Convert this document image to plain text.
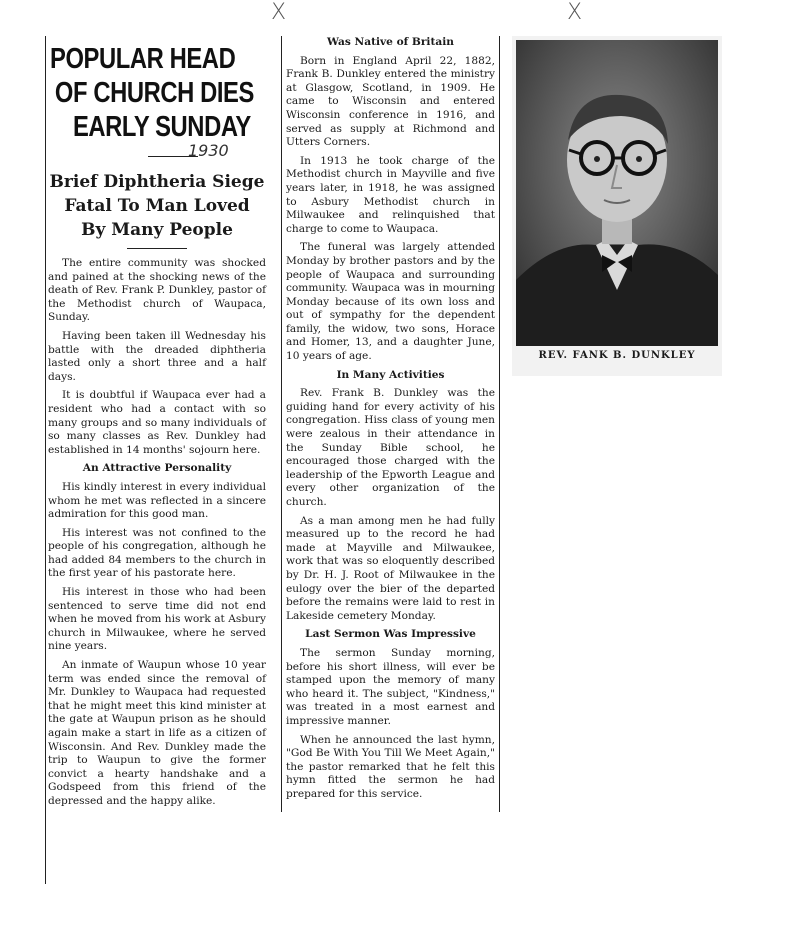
X	X
POPULAR HEAD
OF CHURCH DIES
EARLY SUNDAY
1930
Brief Diphtheria Siege
Fatal To Man Loved
By Many People

The entire community was shocked and pained at the shocking news of the death of Rev. Frank P. Dunkley, pastor of the Methodist church of Waupaca, Sunday.

Having been taken ill Wednesday his battle with the dreaded diphtheria lasted only a short three and a half days.

It is doubtful if Waupaca ever had a resident who had a contact with so many groups and so many individuals of so many classes as Rev. Dunkley had established in 14 months' sojourn here.

An Attractive Personality

His kindly interest in every individual whom he met was reflected in a sincere admiration for this good man.

His interest was not confined to the people of his congregation, although he had added 84 members to the church in the first year of his pastorate here.

His interest in those who had been sentenced to serve time did not end when he moved from his work at Asbury church in Milwaukee, where he served nine years.

An inmate of Waupun whose 10 year term was ended since the removal of Mr. Dunkley to Waupaca had requested that he might meet this kind minister at the gate at Waupun prison as he should again make a start in life as a citizen of Wisconsin. And Rev. Dunkley made the trip to Waupun to give the former convict a hearty handshake and a Godspeed from this friend of the depressed and the happy alike.

Was Native of Britain

Born in England April 22, 1882, Frank B. Dunkley entered the ministry at Glasgow, Scotland, in 1909. He came to Wisconsin and entered Wisconsin conference in 1916, and served as supply at Richmond and Utters Corners.

In 1913 he took charge of the Methodist church in Mayville and five years later, in 1918, he was assigned to Asbury Methodist church in Milwaukee and relinquished that charge to come to Waupaca.

The funeral was largely attended Monday by brother pastors and by the people of Waupaca and surrounding community. Waupaca was in mourning Monday because of its own loss and out of sympathy for the dependent family, the widow, two sons, Horace and Homer, 13, and a daughter June, 10 years of age.

In Many Activities

Rev. Frank B. Dunkley was the guiding hand for every activity of his congregation. Hiss class of young men were zealous in their attendance in the Sunday Bible school, he encouraged those charged with the leadership of the Epworth League and every other organization of the church.

As a man among men he had fully measured up to the record he had made at Mayville and Milwaukee, work that was so eloquently described by Dr. H. J. Root of Milwaukee in the eulogy over the bier of the departed before the remains were laid to rest in Lakeside cemetery Monday.

Last Sermon Was Impressive

The sermon Sunday morning, before his short illness, will ever be stamped upon the memory of many who heard it. The subject, "Kindness," was treated in a most earnest and impressive manner.

When he announced the last hymn, "God Be With You Till We Meet Again," the pastor remarked that he felt this hymn fitted the sermon he had prepared for this service.

REV. FANK B. DUNKLEY
